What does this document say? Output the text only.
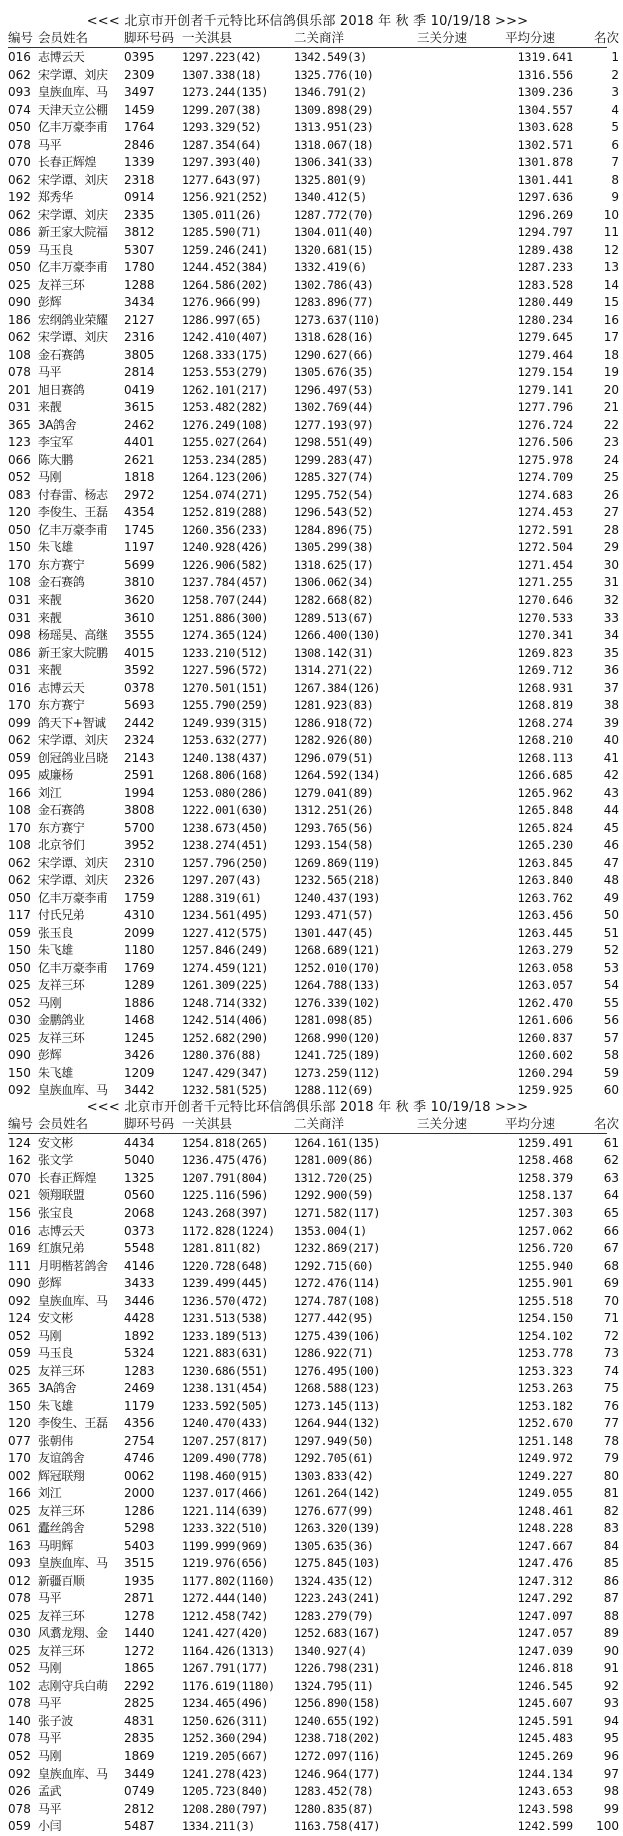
<<< 北京市开创者千元特比环信鸽俱乐部 2018 年 秋 季 10/19/18 >>>
编号 会员姓名	脚环号码 一关淇县	二关商洋	三关分速	平均分速	名次
016 志博云天	0395	1297.223(42)	1342.549(3)	1319.641	1
062 宋学谭、刘庆	2309	1307.338(18)	1325.776(10)	1316.556	2
093 皇族血库、马	3497	1273.244(135)	1346.791(2)	1309.236	3
074 天津天立公棚	1459	1299.207(38)	1309.898(29)	1304.557	4
050 亿丰万豪李甫	1764	1293.329(52)	1313.951(23)	1303.628	5
078 马平	2846	1287.354(64)	1318.067(18)	1302.571	6
070 长春正辉煌	1339	1297.393(40)	1306.341(33)	1301.878	7
062 宋学谭、刘庆	2318	1277.643(97)	1325.801(9)	1301.441	8
192 郑秀华	0914	1256.921(252)	1340.412(5)	1297.636	9
062 宋学谭、刘庆	2335	1305.011(26)	1287.772(70)	1296.269	10
086 新王家大院福	3812	1285.590(71)	1304.011(40)	1294.797	11
059 马玉良	5307	1259.246(241)	1320.681(15)	1289.438	12
050 亿丰万豪李甫	1780	1244.452(384)	1332.419(6)	1287.233	13
025 友祥三环	1288	1264.586(202)	1302.786(43)	1283.528	14
090 彭辉	3434	1276.966(99)	1283.896(77)	1280.449	15
186 宏纲鸽业荣耀	2127	1286.997(65)	1273.637(110)	1280.234	16
062 宋学谭、刘庆	2316	1242.410(407)	1318.628(16)	1279.645	17
108 金石赛鸽	3805	1268.333(175)	1290.627(66)	1279.464	18
078 马平	2814	1253.553(279)	1305.676(35)	1279.154	19
201 旭日赛鸽	0419	1262.101(217)	1296.497(53)	1279.141	20
031 来靓	3615	1253.482(282)	1302.769(44)	1277.796	21
365 3A鸽舍	2462	1276.249(108)	1277.193(97)	1276.724	22
123 李宝军	4401	1255.027(264)	1298.551(49)	1276.506	23
066 陈大鹏	2621	1253.234(285)	1299.283(47)	1275.978	24
052 马刚	1818	1264.123(206)	1285.327(74)	1274.709	25
083 付春雷、杨志	2972	1254.074(271)	1295.752(54)	1274.683	26
120 李俊生、王磊	4354	1252.819(288)	1296.543(52)	1274.453	27
050 亿丰万豪李甫	1745	1260.356(233)	1284.896(75)	1272.591	28
150 朱飞雄	1197	1240.928(426)	1305.299(38)	1272.504	29
170 东方赛宁	5699	1226.906(582)	1318.625(17)	1271.454	30
108 金石赛鸽	3810	1237.784(457)	1306.062(34)	1271.255	31
031 来靓	3620	1258.707(244)	1282.668(82)	1270.646	32
031 来靓	3610	1251.886(300)	1289.513(67)	1270.533	33
098 杨瑶昊、高继	3555	1274.365(124)	1266.400(130)	1270.341	34
086 新王家大院鹏	4015	1233.210(512)	1308.142(31)	1269.823	35
031 来靓	3592	1227.596(572)	1314.271(22)	1269.712	36
016 志博云天	0378	1270.501(151)	1267.384(126)	1268.931	37
170 东方赛宁	5693	1255.790(259)	1281.923(83)	1268.819	38
099 鸽天下+智诚	2442	1249.939(315)	1286.918(72)	1268.274	39
062 宋学谭、刘庆	2324	1253.632(277)	1282.926(80)	1268.210	40
059 创冠鸽业吕晓	2143	1240.138(437)	1296.079(51)	1268.113	41
095 威廉杨	2591	1268.806(168)	1264.592(134)	1266.685	42
166 刘江	1994	1253.080(286)	1279.041(89)	1265.962	43
108 金石赛鸽	3808	1222.001(630)	1312.251(26)	1265.848	44
170 东方赛宁	5700	1238.673(450)	1293.765(56)	1265.824	45
108 北京爷们	3952	1238.274(451)	1293.154(58)	1265.230	46
062 宋学谭、刘庆	2310	1257.796(250)	1269.869(119)	1263.845	47
062 宋学谭、刘庆	2326	1297.207(43)	1232.565(218)	1263.840	48
050 亿丰万豪李甫	1759	1288.319(61)	1240.437(193)	1263.762	49
117 付氏兄弟	4310	1234.561(495)	1293.471(57)	1263.456	50
059 张玉良	2099	1227.412(575)	1301.447(45)	1263.445	51
150 朱飞雄	1180	1257.846(249)	1268.689(121)	1263.279	52
050 亿丰万豪李甫	1769	1274.459(121)	1252.010(170)	1263.058	53
025 友祥三环	1289	1261.309(225)	1264.788(133)	1263.057	54
052 马刚	1886	1248.714(332)	1276.339(102)	1262.470	55
030 金鹏鸽业	1468	1242.514(406)	1281.098(85)	1261.606	56
025 友祥三环	1245	1252.682(290)	1268.990(120)	1260.837	57
090 彭辉	3426	1280.376(88)	1241.725(189)	1260.602	58
150 朱飞雄	1209	1247.429(347)	1273.259(112)	1260.294	59
092 皇族血库、马	3442	1232.581(525)	1288.112(69)	1259.925	60
<<< 北京市开创者千元特比环信鸽俱乐部 2018 年 秋 季 10/19/18 >>>
编号 会员姓名	脚环号码 一关淇县	二关商洋	三关分速	平均分速	名次
124 安文彬	4434	1254.818(265)	1264.161(135)	1259.491	61
162 张文学	5040	1236.475(476)	1281.009(86)	1258.468	62
070 长春正辉煌	1325	1207.791(804)	1312.720(25)	1258.379	63
021 领翔联盟	0560	1225.116(596)	1292.900(59)	1258.137	64
156 张宝良	2068	1243.268(397)	1271.582(117)	1257.303	65
016 志博云天	0373	1172.828(1224)	1353.004(1)	1257.062	66
169 红旗兄弟	5548	1281.811(82)	1232.869(217)	1256.720	67
111 月明楷茗鸽舍	4146	1220.728(648)	1292.715(60)	1255.940	68
090 彭辉	3433	1239.499(445)	1272.476(114)	1255.901	69
092 皇族血库、马	3446	1236.570(472)	1274.787(108)	1255.518	70
124 安文彬	4428	1231.513(538)	1277.442(95)	1254.150	71
052 马刚	1892	1233.189(513)	1275.439(106)	1254.102	72
059 马玉良	5324	1221.883(631)	1286.922(71)	1253.778	73
025 友祥三环	1283	1230.686(551)	1276.495(100)	1253.323	74
365 3A鸽舍	2469	1238.131(454)	1268.588(123)	1253.263	75
150 朱飞雄	1179	1233.592(505)	1273.145(113)	1253.182	76
120 李俊生、王磊	4356	1240.470(433)	1264.944(132)	1252.670	77
077 张朝伟	2754	1207.257(817)	1297.949(50)	1251.148	78
170 友谊鸽舍	4746	1209.490(778)	1292.705(61)	1249.972	79
002 辉冠联翔	0062	1198.460(915)	1303.833(42)	1249.227	80
166 刘江	2000	1237.017(466)	1261.264(142)	1249.055	81
025 友祥三环	1286	1221.114(639)	1276.677(99)	1248.461	82
061 蠹丝鸽舍	5298	1233.322(510)	1263.320(139)	1248.228	83
163 马明辉	5403	1199.999(969)	1305.635(36)	1247.667	84
093 皇族血库、马	3515	1219.976(656)	1275.845(103)	1247.476	85
012 新疆百顺	1935	1177.802(1160)	1324.435(12)	1247.312	86
078 马平	2871	1272.444(140)	1223.243(241)	1247.292	87
025 友祥三环	1278	1212.458(742)	1283.279(79)	1247.097	88
030 风翥龙翔、金	1440	1241.427(420)	1252.683(167)	1247.057	89
025 友祥三环	1272	1164.426(1313)	1340.927(4)	1247.039	90
052 马刚	1865	1267.791(177)	1226.798(231)	1246.818	91
102 志刚守兵白萌	2292	1176.619(1180)	1324.795(11)	1246.545	92
078 马平	2825	1234.465(496)	1256.890(158)	1245.607	93
140 张子波	4831	1250.626(311)	1240.655(192)	1245.591	94
078 马平	2835	1252.360(294)	1238.718(202)	1245.483	95
052 马刚	1869	1219.205(667)	1272.097(116)	1245.269	96
092 皇族血库、马	3449	1241.278(423)	1246.964(177)	1244.134	97
026 孟武	0749	1205.723(840)	1283.452(78)	1243.653	98
078 马平	2812	1208.280(797)	1280.835(87)	1243.598	99
059 小闫	5487	1334.211(3)	1163.758(417)	1242.599	100
